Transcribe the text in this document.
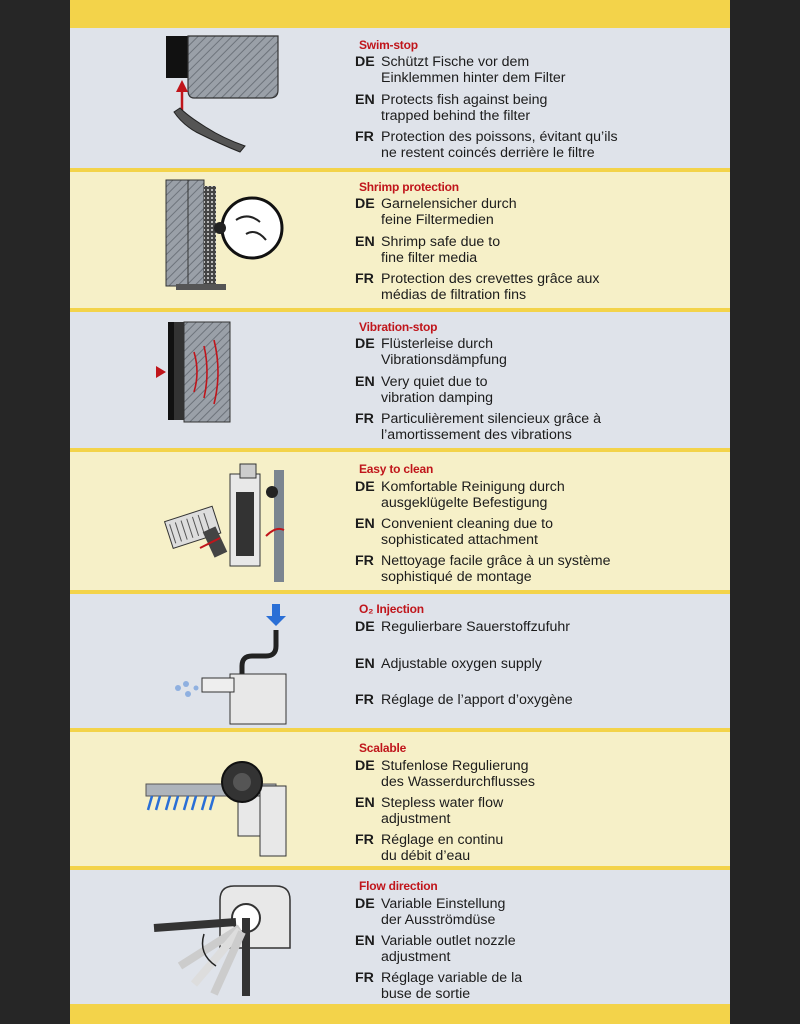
Swim-stop
DE Schützt Fische vor dem
Einklemmen hinter dem Filter
EN Protects fish against being
trapped behind the filter
FR Protection des poissons, évitant qu’ils
ne restent coincés derrière le filtre
Shrimp protection
DE Garnelensicher durch
feine Filtermedien
EN Shrimp safe due to
fine filter media
FR Protection des crevettes grâce aux
médias de filtration fins
Vibration-stop
DE Flüsterleise durch
Vibrationsdämpfung
EN Very quiet due to
vibration damping
FR Particulièrement silencieux grâce à
l’amortissement des vibrations
Easy to clean
DE Komfortable Reinigung durch
ausgeklügelte Befestigung
EN Convenient cleaning due to
sophisticated attachment
FR Nettoyage facile grâce à un système
sophistiqué de montage
O₂ Injection
DE Regulierbare Sauerstoffzufuhr
EN Adjustable oxygen supply
FR Réglage de l’apport d’oxygène
Scalable
DE Stufenlose Regulierung
des Wasserdurchflusses
EN Stepless water flow
adjustment
FR Réglage en continu
du débit d’eau
Flow direction
DE Variable Einstellung
der Ausströmdüse
EN Variable outlet nozzle
adjustment
FR Réglage variable de la
buse de sortie
